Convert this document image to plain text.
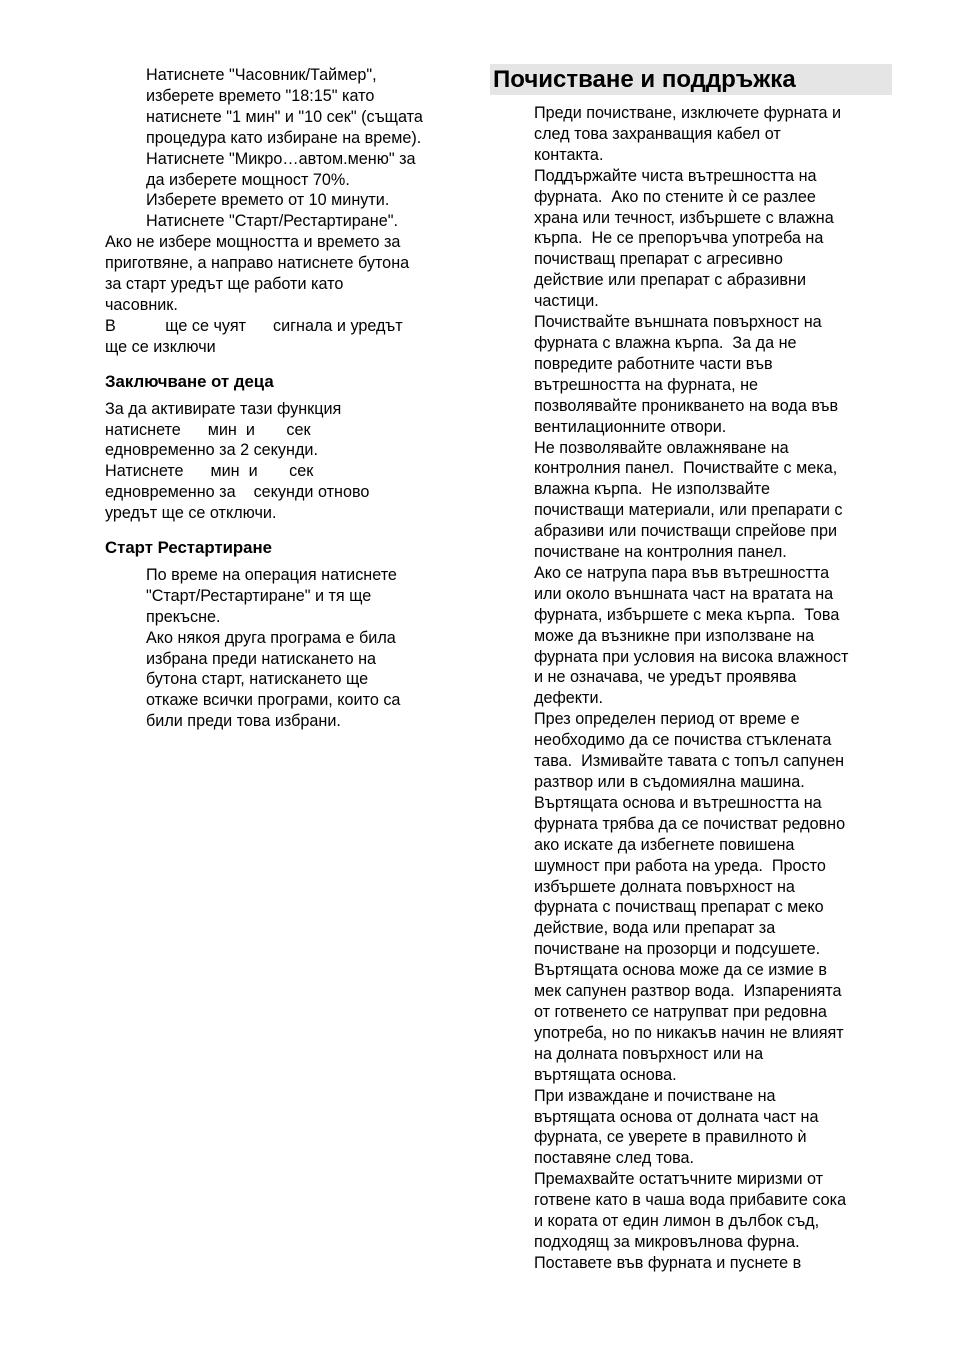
Натиснете "Часовник/Таймер",
изберете времето "18:15" като
натиснете "1 мин" и "10 сек" (същата
процедура като избиране на време).
Натиснете "Микро…автом.меню" за
да изберете мощност 70%.
Изберете времето от 10 минути.
Натиснете "Старт/Рестартиране".
Ако не избере мощността и времето за
приготвяне, а направо натиснете бутона
за старт уредът ще работи като
часовник.
В           ще се чуят      сигнала и уредът
ще се изключи
Заключване от деца
За да активирате тази функция
натиснете      мин  и       сек
едновременно за 2 секунди.
Натиснете      мин  и       сек
едновременно за    секунди отново
уредът ще се отключи.
Старт Рестартиране
По време на операция натиснете
"Старт/Рестартиране" и тя ще
прекъсне.
Ако някоя друга програма е била
избрана преди натискането на
бутона старт, натискането ще
откаже всички програми, които са
били преди това избрани.
Почистване и поддръжка
Преди почистване, изключете фурната и
след това захранващия кабел от
контакта.
Поддържайте чиста вътрешността на
фурната.  Ако по стените ѝ се разлее
храна или течност, избършете с влажна
кърпа.  Не се препоръчва употреба на
почистващ препарат с агресивно
действие или препарат с абразивни
частици.
Почиствайте външната повърхност на
фурната с влажна кърпа.  За да не
повредите работните части във
вътрешността на фурната, не
позволявайте проникването на вода във
вентилационните отвори.
Не позволявайте овлажняване на
контролния панел.  Почиствайте с мека,
влажна кърпа.  Не използвайте
почистващи материали, или препарати с
абразиви или почистващи спрейове при
почистване на контролния панел.
Ако се натрупа пара във вътрешността
или около външната част на вратата на
фурната, избършете с мека кърпа.  Това
може да възникне при използване на
фурната при условия на висока влажност
и не означава, че уредът проявява
дефекти.
През определен период от време е
необходимо да се почиства стъклената
тава.  Измивайте тавата с топъл сапунен
разтвор или в съдомиялна машина.
Въртящата основа и вътрешността на
фурната трябва да се почистват редовно
ако искате да избегнете повишена
шумност при работа на уреда.  Просто
избършете долната повърхност на
фурната с почистващ препарат с меко
действие, вода или препарат за
почистване на прозорци и подсушете.
Въртящата основа може да се измие в
мек сапунен разтвор вода.  Изпаренията
от готвенето се натрупват при редовна
употреба, но по никакъв начин не влияят
на долната повърхност или на
въртящата основа.
При изваждане и почистване на
въртящата основа от долната част на
фурната, се уверете в правилното ѝ
поставяне след това.
Премахвайте остатъчните миризми от
готвене като в чаша вода прибавите сока
и кората от един лимон в дълбок съд,
подходящ за микровълнова фурна.
Поставете във фурната и пуснете в
